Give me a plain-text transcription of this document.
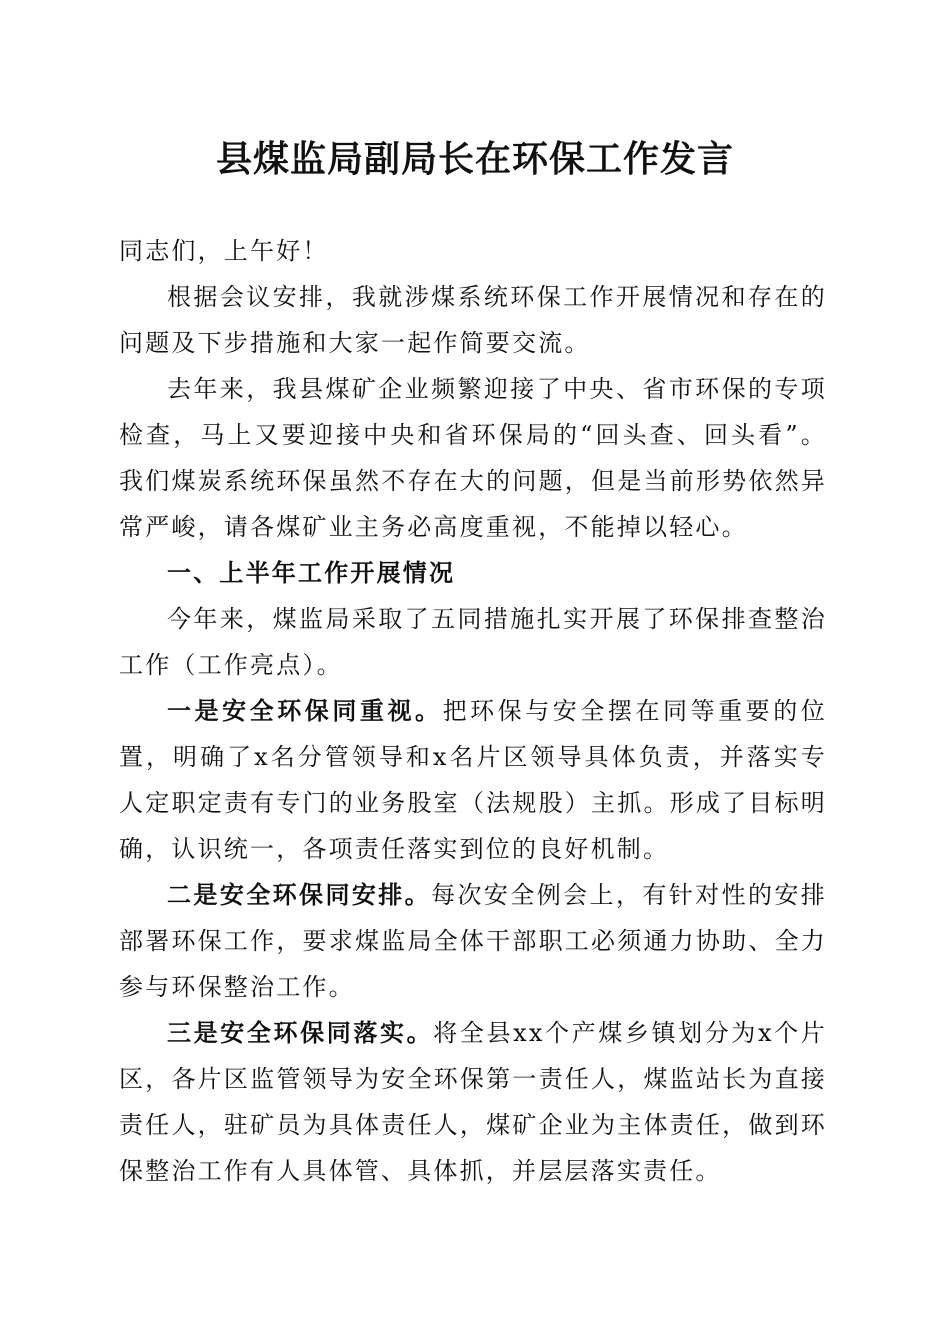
县煤监局副局长在环保工作发言

同志们，上午好！

根据会议安排，我就涉煤系统环保工作开展情况和存在的问题及下步措施和大家一起作简要交流。

去年来，我县煤矿企业频繁迎接了中央、省市环保的专项检查，马上又要迎接中央和省环保局的“回头查、回头看”。我们煤炭系统环保虽然不存在大的问题，但是当前形势依然异常严峻，请各煤矿业主务必高度重视，不能掉以轻心。

一、上半年工作开展情况

今年来，煤监局采取了五同措施扎实开展了环保排查整治工作（工作亮点）。

一是安全环保同重视。把环保与安全摆在同等重要的位置，明确了x名分管领导和x名片区领导具体负责，并落实专人定职定责有专门的业务股室（法规股）主抓。形成了目标明确，认识统一，各项责任落实到位的良好机制。

二是安全环保同安排。每次安全例会上，有针对性的安排部署环保工作，要求煤监局全体干部职工必须通力协助、全力参与环保整治工作。

三是安全环保同落实。将全县xx个产煤乡镇划分为x个片区，各片区监管领导为安全环保第一责任人，煤监站长为直接责任人，驻矿员为具体责任人，煤矿企业为主体责任，做到环保整治工作有人具体管、具体抓，并层层落实责任。
